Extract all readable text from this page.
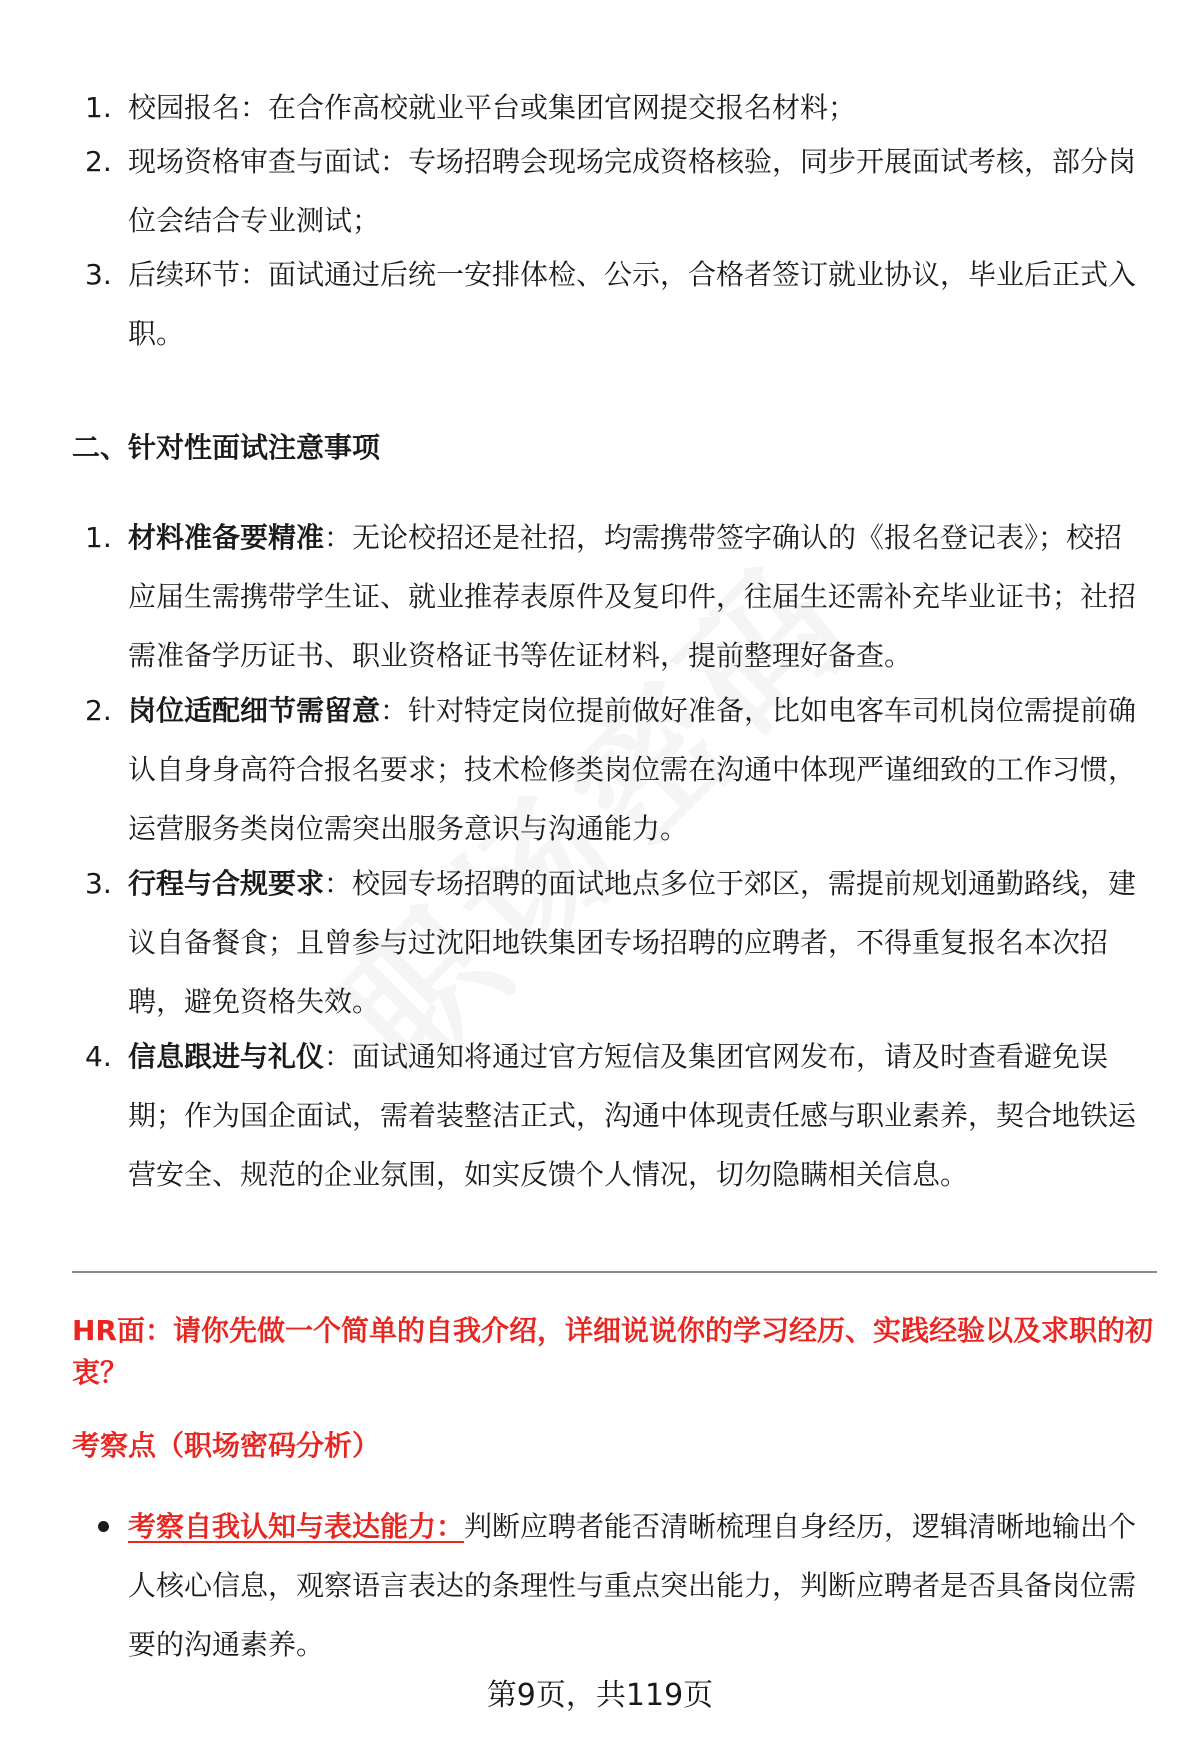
1. 校园报名：在合作高校就业平台或集团官网提交报名材料；
2. 现场资格审查与面试：专场招聘会现场完成资格核验，同步开展面试考核，部分岗位会结合专业测试；
3. 后续环节：面试通过后统一安排体检、公示，合格者签订就业协议，毕业后正式入职。
二、针对性面试注意事项
1. 材料准备要精准：无论校招还是社招，均需携带签字确认的《报名登记表》；校招应届生需携带学生证、就业推荐表原件及复印件，往届生还需补充毕业证书；社招需准备学历证书、职业资格证书等佐证材料，提前整理好备查。
2. 岗位适配细节需留意：针对特定岗位提前做好准备，比如电客车司机岗位需提前确认自身身高符合报名要求；技术检修类岗位需在沟通中体现严谨细致的工作习惯，运营服务类岗位需突出服务意识与沟通能力。
3. 行程与合规要求：校园专场招聘的面试地点多位于郊区，需提前规划通勤路线，建议自备餐食；且曾参与过沈阳地铁集团专场招聘的应聘者，不得重复报名本次招聘，避免资格失效。
4. 信息跟进与礼仪：面试通知将通过官方短信及集团官网发布，请及时查看避免误期；作为国企面试，需着装整洁正式，沟通中体现责任感与职业素养，契合地铁运营安全、规范的企业氛围，如实反馈个人情况，切勿隐瞒相关信息。
HR面：请你先做一个简单的自我介绍，详细说说你的学习经历、实践经验以及求职的初衷？
考察点（职场密码分析）
考察自我认知与表达能力：判断应聘者能否清晰梳理自身经历，逻辑清晰地输出个人核心信息，观察语言表达的条理性与重点突出能力，判断应聘者是否具备岗位需要的沟通素养。
第9页，共119页
